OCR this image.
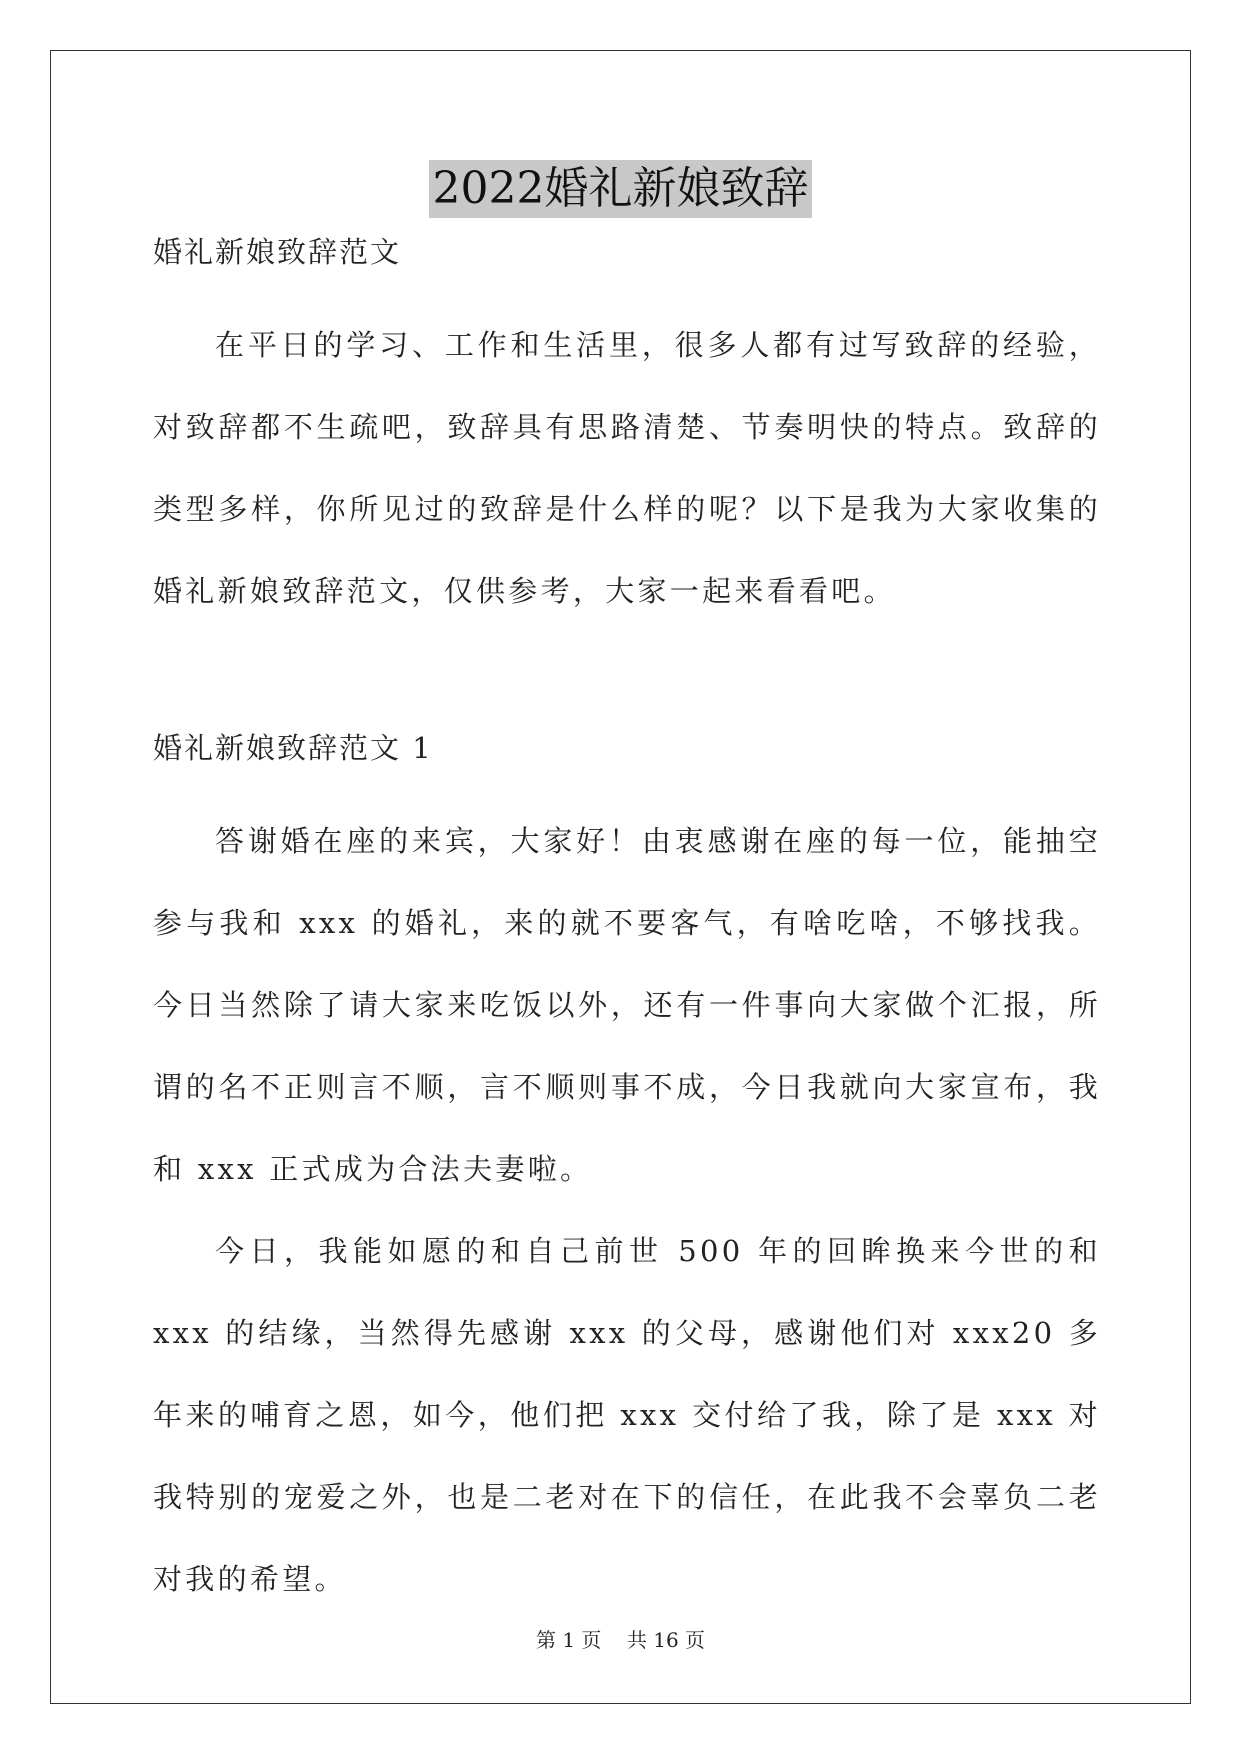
2022婚礼新娘致辞

婚礼新娘致辞范文

在平日的学习、工作和生活里，很多人都有过写致辞的经验，对致辞都不生疏吧，致辞具有思路清楚、节奏明快的特点。致辞的类型多样，你所见过的致辞是什么样的呢？以下是我为大家收集的婚礼新娘致辞范文，仅供参考，大家一起来看看吧。

婚礼新娘致辞范文 1

答谢婚在座的来宾，大家好！由衷感谢在座的每一位，能抽空参与我和 xxx 的婚礼，来的就不要客气，有啥吃啥，不够找我。今日当然除了请大家来吃饭以外，还有一件事向大家做个汇报，所谓的名不正则言不顺，言不顺则事不成，今日我就向大家宣布，我和 xxx 正式成为合法夫妻啦。

今日，我能如愿的和自己前世 500 年的回眸换来今世的和 xxx 的结缘，当然得先感谢 xxx 的父母，感谢他们对 xxx20 多年来的哺育之恩，如今，他们把 xxx 交付给了我，除了是 xxx 对我特别的宠爱之外，也是二老对在下的信任，在此我不会辜负二老对我的希望。

第 1 页 共 16 页
